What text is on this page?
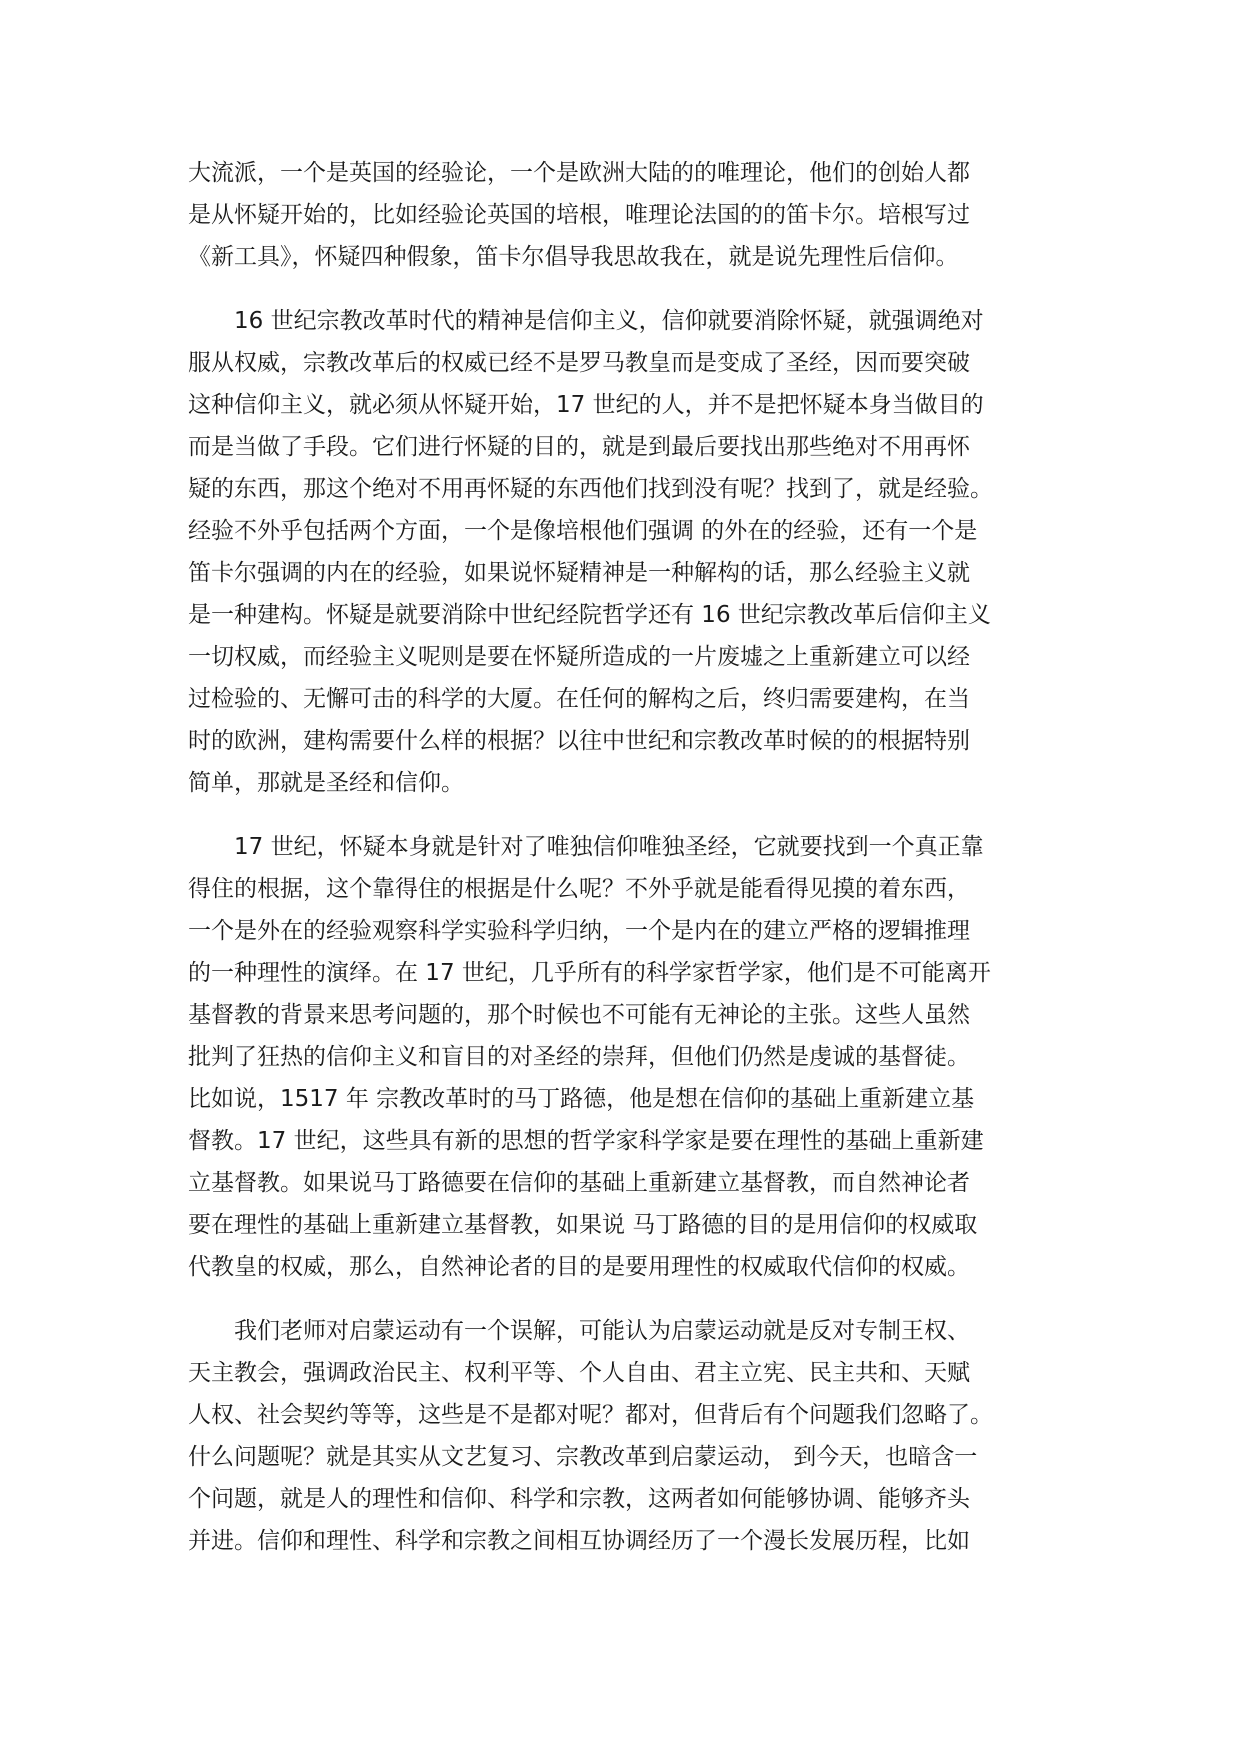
大流派，一个是英国的经验论，一个是欧洲大陆的的唯理论，他们的创始人都
是从怀疑开始的，比如经验论英国的培根，唯理论法国的的笛卡尔。培根写过
《新工具》，怀疑四种假象，笛卡尔倡导我思故我在，就是说先理性后信仰。
　　16 世纪宗教改革时代的精神是信仰主义，信仰就要消除怀疑，就强调绝对
服从权威，宗教改革后的权威已经不是罗马教皇而是变成了圣经，因而要突破
这种信仰主义，就必须从怀疑开始，17 世纪的人，并不是把怀疑本身当做目的
而是当做了手段。它们进行怀疑的目的，就是到最后要找出那些绝对不用再怀
疑的东西，那这个绝对不用再怀疑的东西他们找到没有呢？找到了，就是经验。
经验不外乎包括两个方面，一个是像培根他们强调 的外在的经验，还有一个是
笛卡尔强调的内在的经验，如果说怀疑精神是一种解构的话，那么经验主义就
是一种建构。怀疑是就要消除中世纪经院哲学还有 16 世纪宗教改革后信仰主义
一切权威，而经验主义呢则是要在怀疑所造成的一片废墟之上重新建立可以经
过检验的、无懈可击的科学的大厦。在任何的解构之后，终归需要建构，在当
时的欧洲，建构需要什么样的根据？以往中世纪和宗教改革时候的的根据特别
简单，那就是圣经和信仰。
　　17 世纪，怀疑本身就是针对了唯独信仰唯独圣经，它就要找到一个真正靠
得住的根据，这个靠得住的根据是什么呢？不外乎就是能看得见摸的着东西，
一个是外在的经验观察科学实验科学归纳，一个是内在的建立严格的逻辑推理
的一种理性的演绎。在 17 世纪，几乎所有的科学家哲学家，他们是不可能离开
基督教的背景来思考问题的，那个时候也不可能有无神论的主张。这些人虽然
批判了狂热的信仰主义和盲目的对圣经的崇拜，但他们仍然是虔诚的基督徒。
比如说，1517 年 宗教改革时的马丁路德，他是想在信仰的基础上重新建立基
督教。17 世纪，这些具有新的思想的哲学家科学家是要在理性的基础上重新建
立基督教。如果说马丁路德要在信仰的基础上重新建立基督教，而自然神论者
要在理性的基础上重新建立基督教，如果说 马丁路德的目的是用信仰的权威取
代教皇的权威，那么，自然神论者的目的是要用理性的权威取代信仰的权威。
　　我们老师对启蒙运动有一个误解，可能认为启蒙运动就是反对专制王权、
天主教会，强调政治民主、权利平等、个人自由、君主立宪、民主共和、天赋
人权、社会契约等等，这些是不是都对呢？都对，但背后有个问题我们忽略了。
什么问题呢？就是其实从文艺复习、宗教改革到启蒙运动， 到今天，也暗含一
个问题，就是人的理性和信仰、科学和宗教，这两者如何能够协调、能够齐头
并进。信仰和理性、科学和宗教之间相互协调经历了一个漫长发展历程，比如
